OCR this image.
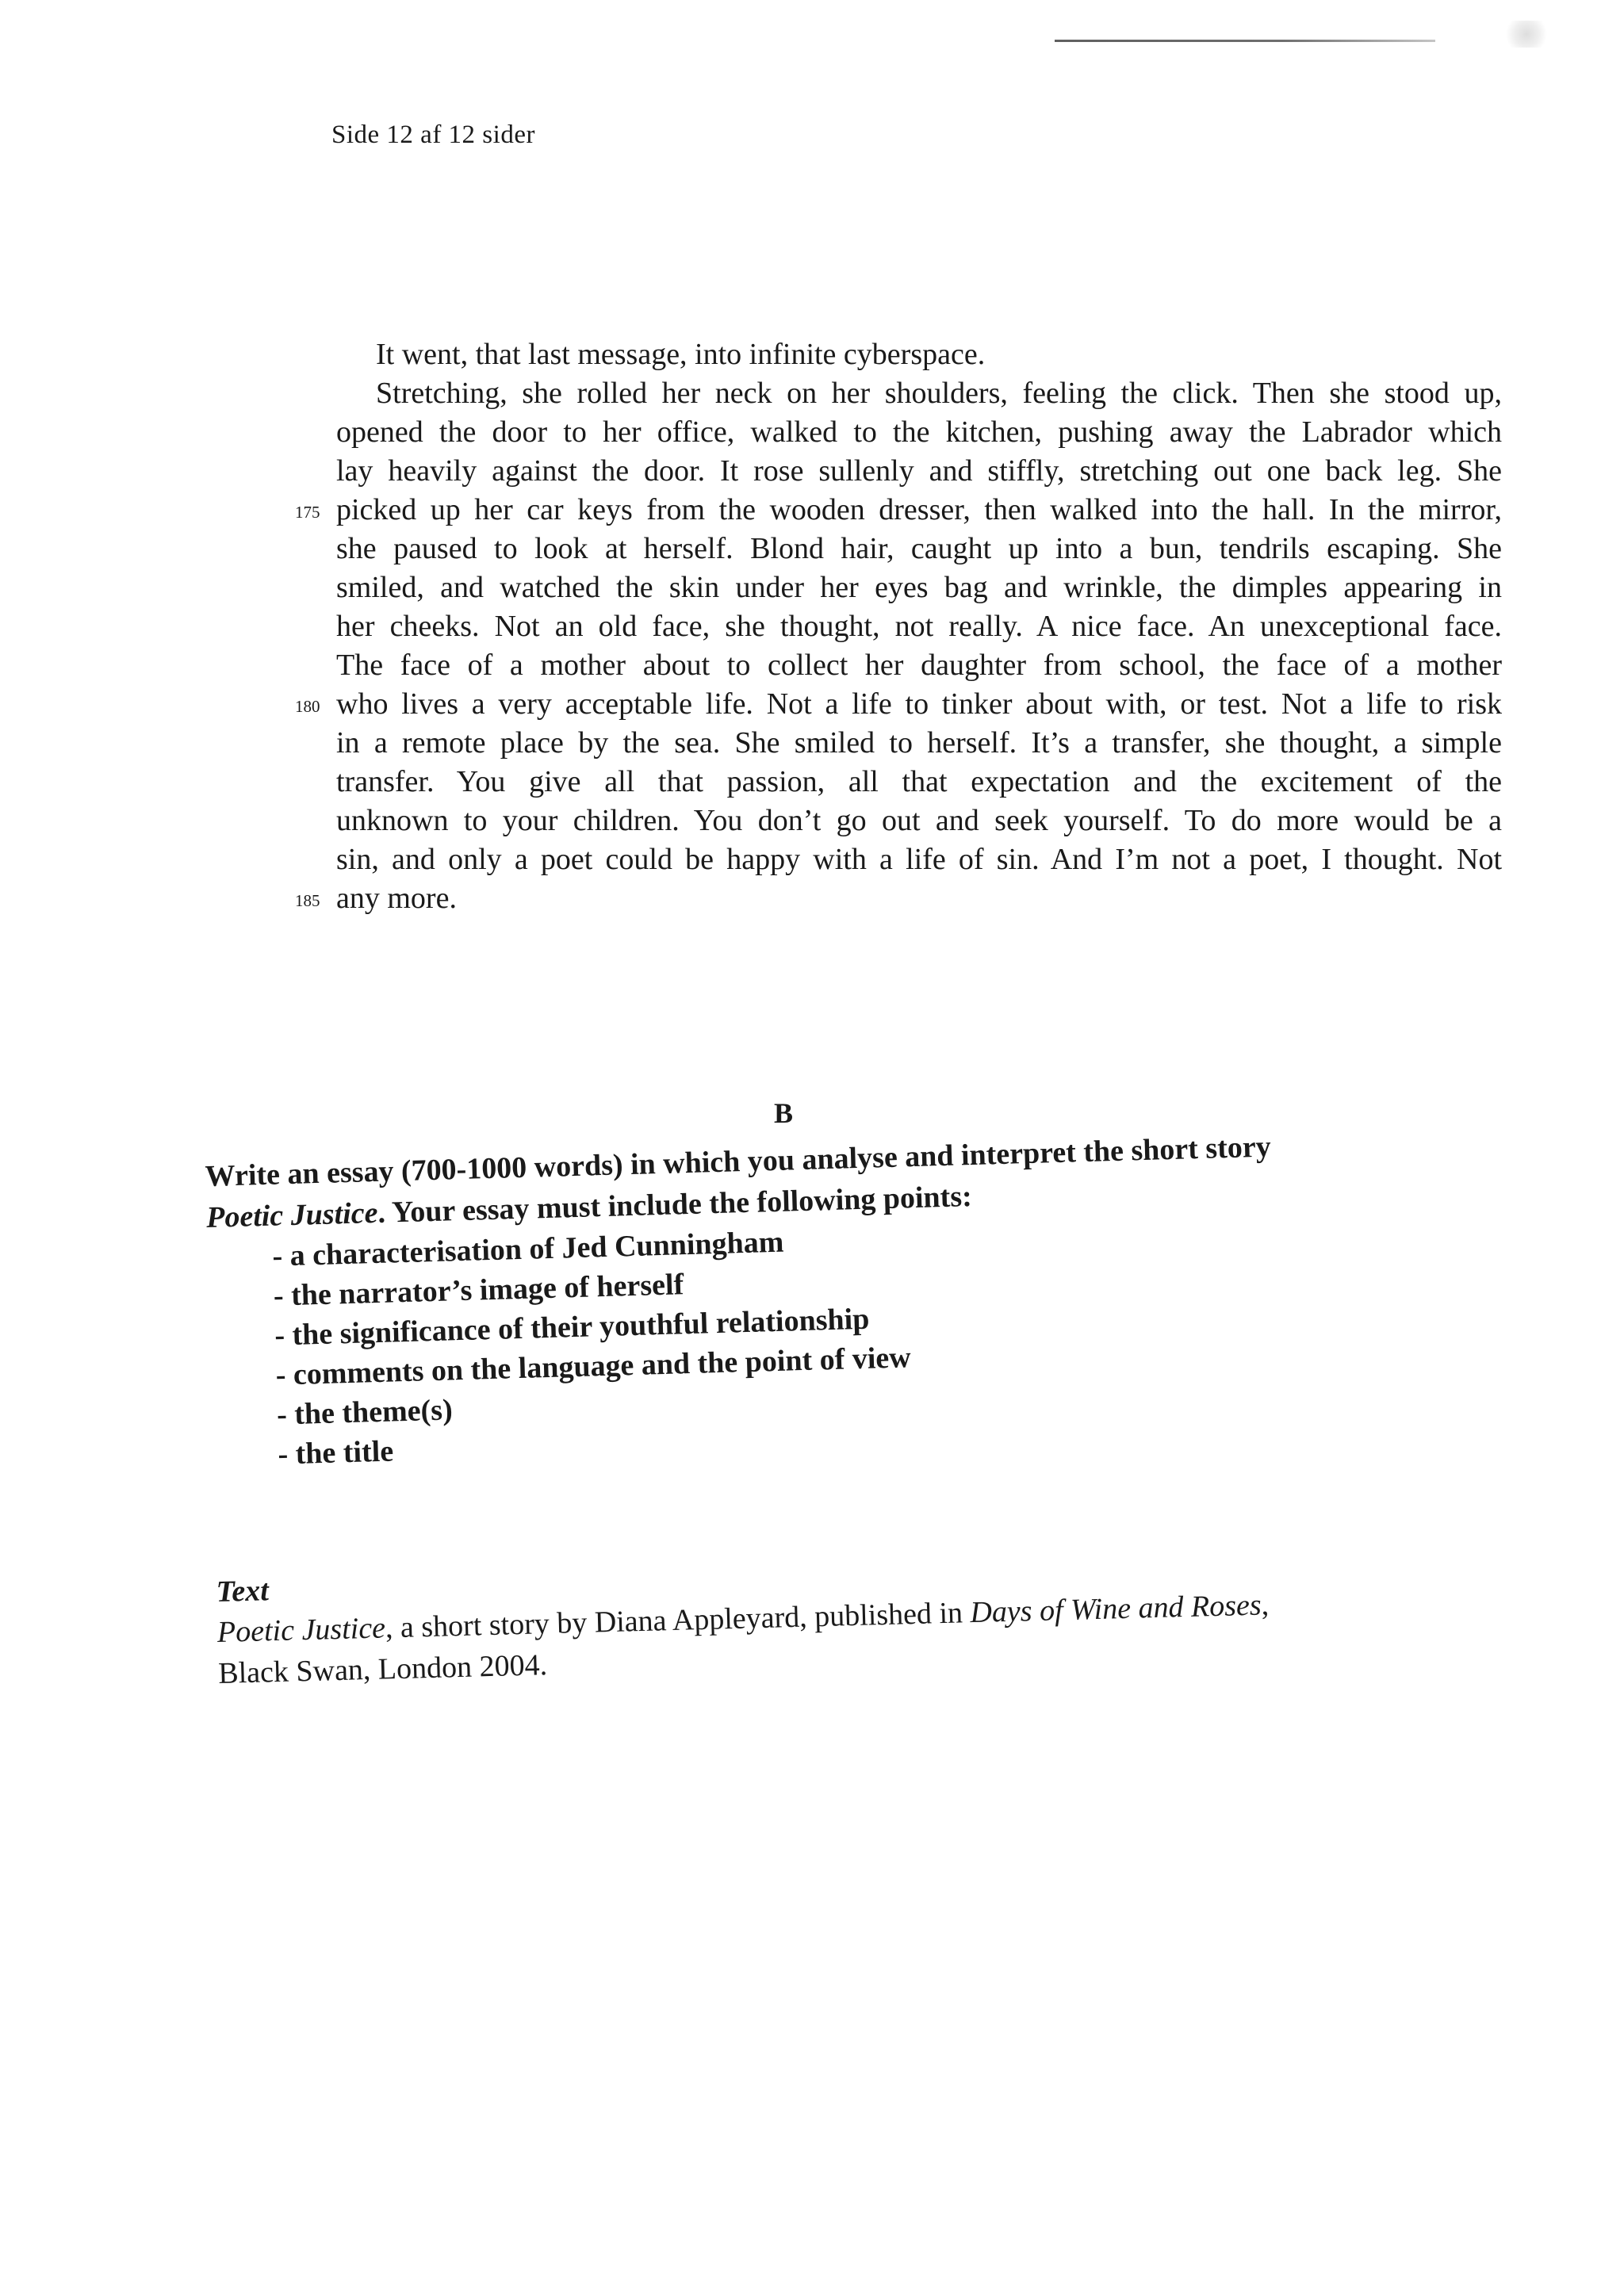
Side 12 af 12 sider
It went, that last message, into infinite cyberspace.
Stretching, she rolled her neck on her shoulders, feeling the click. Then she stood up,
opened the door to her office, walked to the kitchen, pushing away the Labrador which
lay heavily against the door. It rose sullenly and stiffly, stretching out one back leg. She
175 picked up her car keys from the wooden dresser, then walked into the hall. In the mirror,
she paused to look at herself. Blond hair, caught up into a bun, tendrils escaping. She
smiled, and watched the skin under her eyes bag and wrinkle, the dimples appearing in
her cheeks. Not an old face, she thought, not really. A nice face. An unexceptional face.
The face of a mother about to collect her daughter from school, the face of a mother
180 who lives a very acceptable life. Not a life to tinker about with, or test. Not a life to risk
in a remote place by the sea. She smiled to herself. It’s a transfer, she thought, a simple
transfer. You give all that passion, all that expectation and the excitement of the
unknown to your children. You don’t go out and seek yourself. To do more would be a
sin, and only a poet could be happy with a life of sin. And I’m not a poet, I thought. Not
185 any more.
B
Write an essay (700-1000 words) in which you analyse and interpret the short story
Poetic Justice. Your essay must include the following points:
- a characterisation of Jed Cunningham
- the narrator’s image of herself
- the significance of their youthful relationship
- comments on the language and the point of view
- the theme(s)
- the title
Text
Poetic Justice, a short story by Diana Appleyard, published in Days of Wine and Roses,
Black Swan, London 2004.
